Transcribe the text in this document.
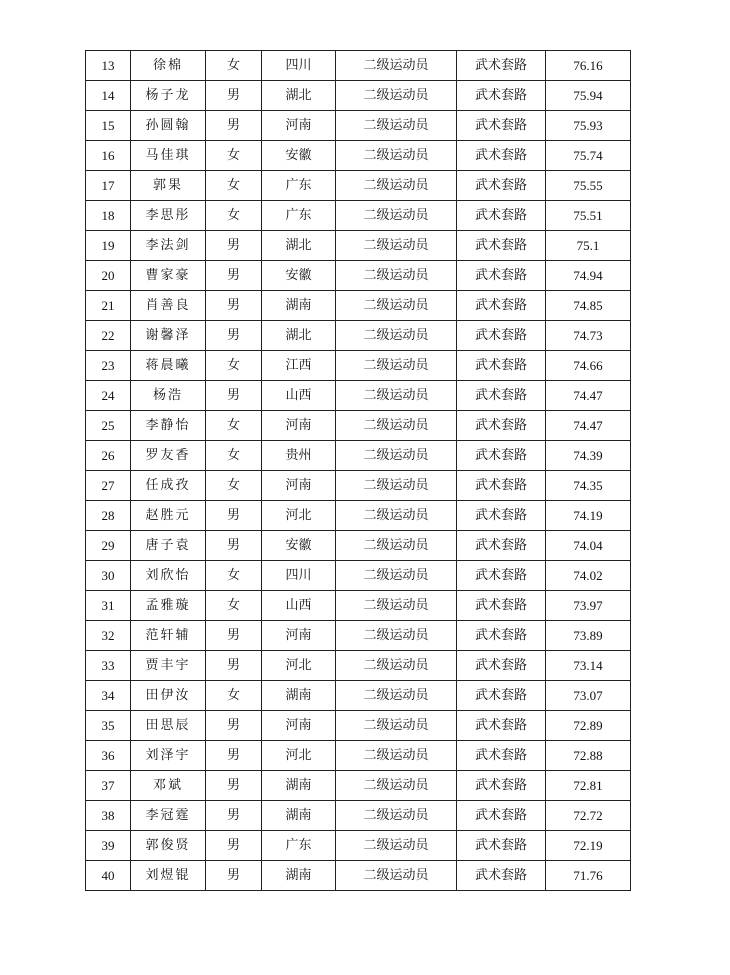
13	徐棉	女	四川	二级运动员	武术套路	76.16
14	杨子龙	男	湖北	二级运动员	武术套路	75.94
15	孙圆翰	男	河南	二级运动员	武术套路	75.93
16	马佳琪	女	安徽	二级运动员	武术套路	75.74
17	郭果	女	广东	二级运动员	武术套路	75.55
18	李思彤	女	广东	二级运动员	武术套路	75.51
19	李法剑	男	湖北	二级运动员	武术套路	75.1
20	曹家豪	男	安徽	二级运动员	武术套路	74.94
21	肖善良	男	湖南	二级运动员	武术套路	74.85
22	谢馨泽	男	湖北	二级运动员	武术套路	74.73
23	蒋晨曦	女	江西	二级运动员	武术套路	74.66
24	杨浩	男	山西	二级运动员	武术套路	74.47
25	李静怡	女	河南	二级运动员	武术套路	74.47
26	罗友香	女	贵州	二级运动员	武术套路	74.39
27	任成孜	女	河南	二级运动员	武术套路	74.35
28	赵胜元	男	河北	二级运动员	武术套路	74.19
29	唐子袁	男	安徽	二级运动员	武术套路	74.04
30	刘欣怡	女	四川	二级运动员	武术套路	74.02
31	孟雅璇	女	山西	二级运动员	武术套路	73.97
32	范轩辅	男	河南	二级运动员	武术套路	73.89
33	贾丰宇	男	河北	二级运动员	武术套路	73.14
34	田伊汝	女	湖南	二级运动员	武术套路	73.07
35	田思辰	男	河南	二级运动员	武术套路	72.89
36	刘泽宇	男	河北	二级运动员	武术套路	72.88
37	邓斌	男	湖南	二级运动员	武术套路	72.81
38	李冠霆	男	湖南	二级运动员	武术套路	72.72
39	郭俊贤	男	广东	二级运动员	武术套路	72.19
40	刘煜锟	男	湖南	二级运动员	武术套路	71.76
